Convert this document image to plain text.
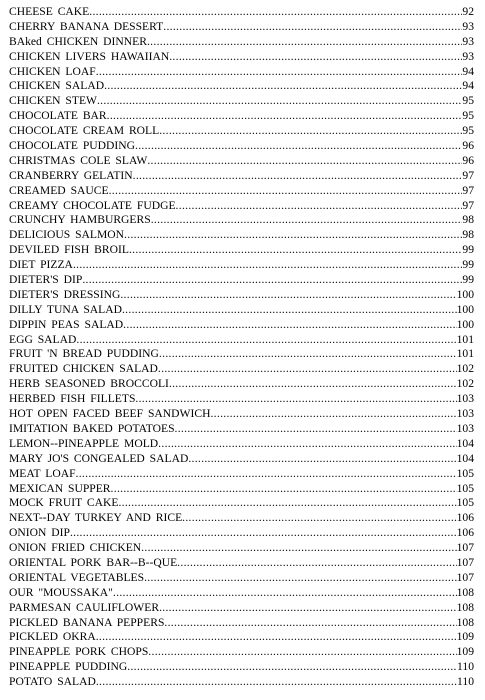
CHEESE CAKE .....	92
CHERRY BANANA DESSERT .....	93
BAked CHICKEN DINNER .....	93
CHICKEN LIVERS HAWAIIAN .....	93
CHICKEN LOAF .....	94
CHICKEN SALAD .....	94
CHICKEN STEW .....	95
CHOCOLATE BAR .....	95
CHOCOLATE CREAM ROLL .....	95
CHOCOLATE PUDDING .....	96
CHRISTMAS COLE SLAW .....	96
CRANBERRY GELATIN .....	97
CREAMED SAUCE .....	97
CREAMY CHOCOLATE FUDGE .....	97
CRUNCHY HAMBURGERS .....	98
DELICIOUS SALMON .....	98
DEVILED FISH BROIL .....	99
DIET PIZZA .....	99
DIETER'S DIP .....	99
DIETER'S DRESSING .....	100
DILLY TUNA SALAD .....	100
DIPPIN PEAS SALAD .....	100
EGG SALAD .....	101
FRUIT 'N BREAD PUDDING .....	101
FRUITED CHICKEN SALAD .....	102
HERB SEASONED BROCCOLI .....	102
HERBED FISH FILLETS .....	103
HOT OPEN FACED BEEF SANDWICH .....	103
IMITATION BAKED POTATOES .....	103
LEMON--PINEAPPLE MOLD .....	104
MARY JO'S CONGEALED SALAD .....	104
MEAT LOAF .....	105
MEXICAN SUPPER .....	105
MOCK FRUIT CAKE .....	105
NEXT--DAY TURKEY AND RICE .....	106
ONION DIP .....	106
ONION FRIED CHICKEN .....	107
ORIENTAL PORK BAR--B--QUE .....	107
ORIENTAL VEGETABLES .....	107
OUR "MOUSSAKA" .....	108
PARMESAN CAULIFLOWER .....	108
PICKLED BANANA PEPPERS .....	108
PICKLED OKRA .....	109
PINEAPPLE PORK CHOPS .....	109
PINEAPPLE PUDDING .....	110
POTATO SALAD .....	110
